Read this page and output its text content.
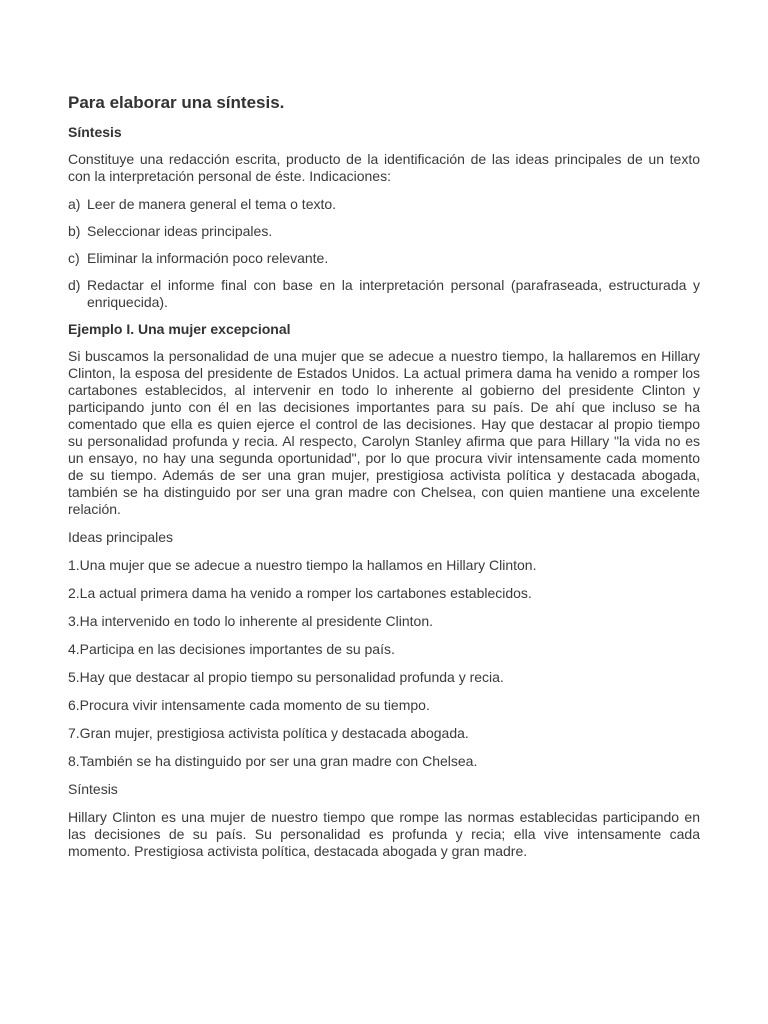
Para elaborar una síntesis.
Síntesis

Constituye una redacción escrita, producto de la identificación de las ideas principales de un texto con la interpretación personal de éste. Indicaciones:

a) Leer de manera general el tema o texto.
b) Seleccionar ideas principales.
c) Eliminar la información poco relevante.
d) Redactar el informe final con base en la interpretación personal (parafraseada, estructurada y enriquecida).
Ejemplo I. Una mujer excepcional

Si buscamos la personalidad de una mujer que se adecue a nuestro tiempo, la hallaremos en Hillary Clinton, la esposa del presidente de Estados Unidos. La actual primera dama ha venido a romper los cartabones establecidos, al intervenir en todo lo inherente al gobierno del presidente Clinton y participando junto con él en las decisiones importantes para su país. De ahí que incluso se ha comentado que ella es quien ejerce el control de las decisiones. Hay que destacar al propio tiempo su personalidad profunda y recia. Al respecto, Carolyn Stanley afirma que para Hillary "la vida no es un ensayo, no hay una segunda oportunidad", por lo que procura vivir intensamente cada momento de su tiempo. Además de ser una gran mujer, prestigiosa activista política y destacada abogada, también se ha distinguido por ser una gran madre con Chelsea, con quien mantiene una excelente relación.

Ideas principales
1.Una mujer que se adecue a nuestro tiempo la hallamos en Hillary Clinton.
2.La actual primera dama ha venido a romper los cartabones establecidos.
3.Ha intervenido en todo lo inherente al presidente Clinton.
4.Participa en las decisiones importantes de su país.
5.Hay que destacar al propio tiempo su personalidad profunda y recia.
6.Procura vivir intensamente cada momento de su tiempo.
7.Gran mujer, prestigiosa activista política y destacada abogada.
8.También se ha distinguido por ser una gran madre con Chelsea.
Síntesis

Hillary Clinton es una mujer de nuestro tiempo que rompe las normas establecidas participando en las decisiones de su país. Su personalidad es profunda y recia; ella vive intensamente cada momento. Prestigiosa activista política, destacada abogada y gran madre.
